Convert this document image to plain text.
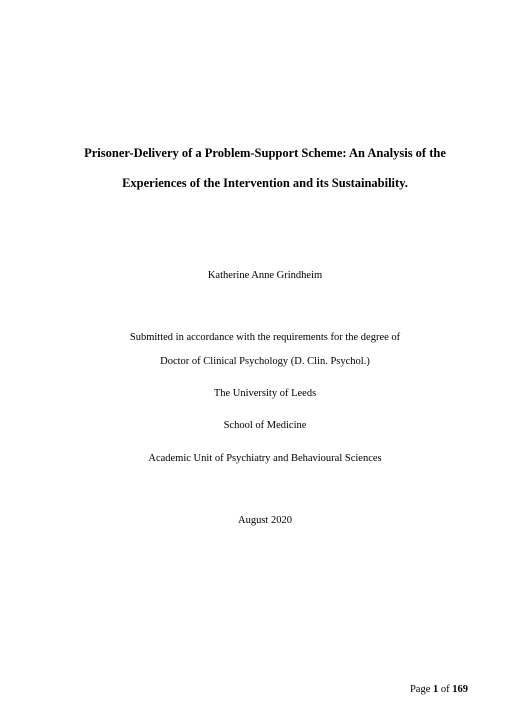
Prisoner-Delivery of a Problem-Support Scheme: An Analysis of the
Experiences of the Intervention and its Sustainability.
Katherine Anne Grindheim
Submitted in accordance with the requirements for the degree of
Doctor of Clinical Psychology (D. Clin. Psychol.)
The University of Leeds
School of Medicine
Academic Unit of Psychiatry and Behavioural Sciences
August 2020
Page 1 of 169
